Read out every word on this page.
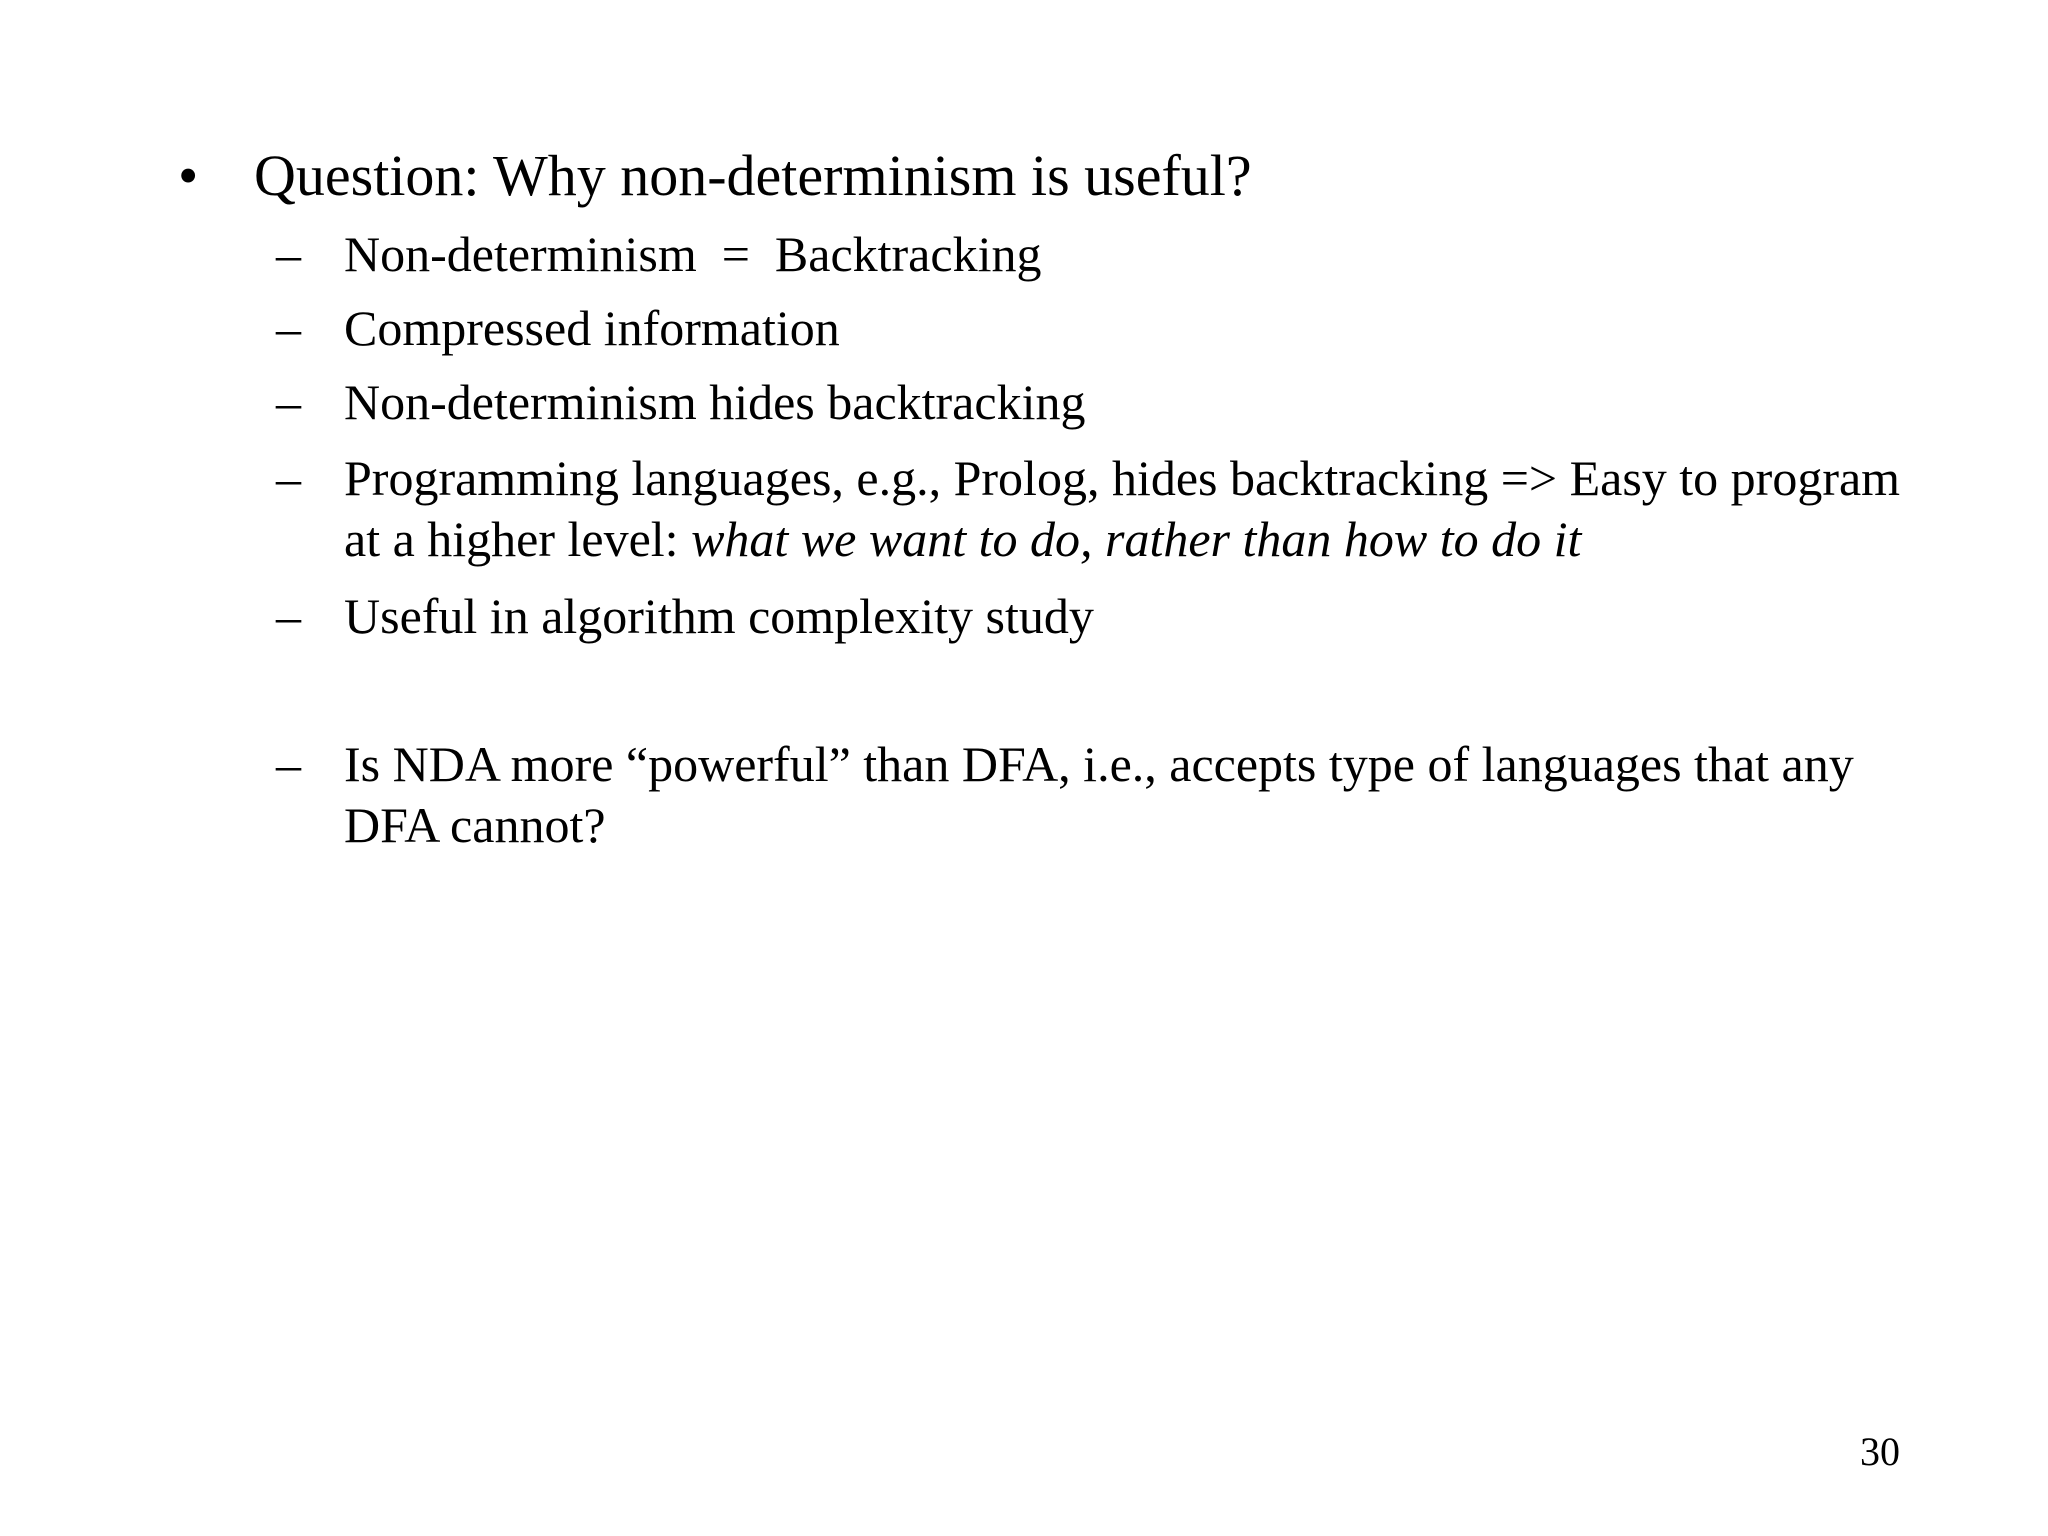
• Question: Why non-determinism is useful?
– Non-determinism  =  Backtracking
– Compressed information
– Non-determinism hides backtracking
– Programming languages, e.g., Prolog, hides backtracking => Easy to program at a higher level: what we want to do, rather than how to do it
– Useful in algorithm complexity study
– Is NDA more “powerful” than DFA, i.e., accepts type of languages that any DFA cannot?
30
